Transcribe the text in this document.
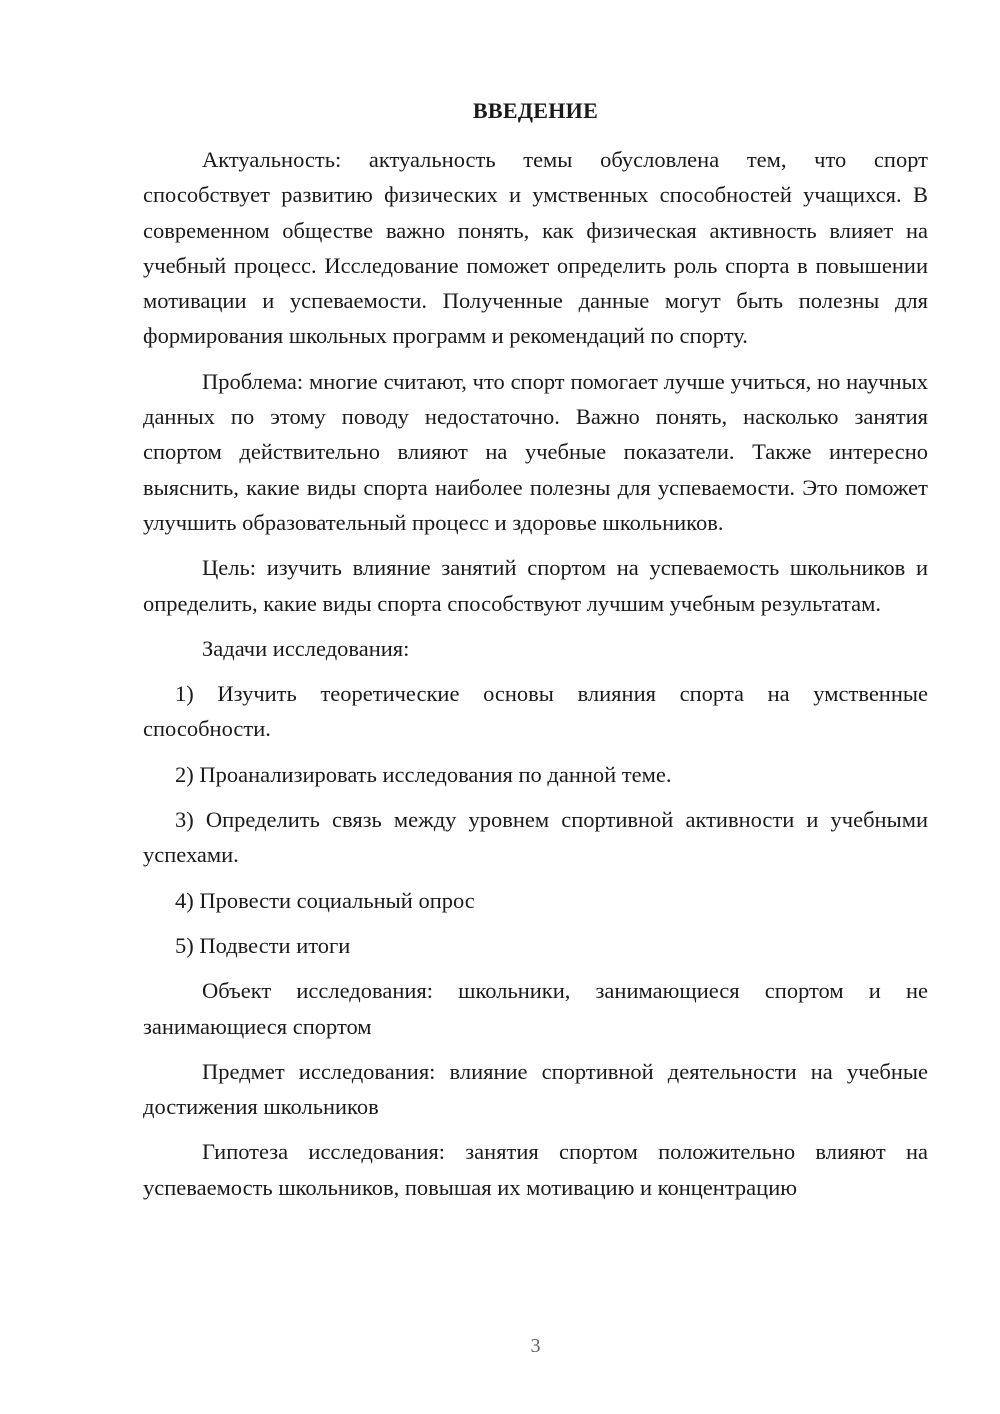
ВВЕДЕНИЕ

Актуальность: актуальность темы обусловлена тем, что спорт способствует развитию физических и умственных способностей учащихся. В современном обществе важно понять, как физическая активность влияет на учебный процесс. Исследование поможет определить роль спорта в повышении мотивации и успеваемости. Полученные данные могут быть полезны для формирования школьных программ и рекомендаций по спорту.

Проблема: многие считают, что спорт помогает лучше учиться, но научных данных по этому поводу недостаточно. Важно понять, насколько занятия спортом действительно влияют на учебные показатели. Также интересно выяснить, какие виды спорта наиболее полезны для успеваемости. Это поможет улучшить образовательный процесс и здоровье школьников.

Цель: изучить влияние занятий спортом на успеваемость школьников и определить, какие виды спорта способствуют лучшим учебным результатам.

Задачи исследования:

1) Изучить теоретические основы влияния спорта на умственные способности.

2) Проанализировать исследования по данной теме.

3) Определить связь между уровнем спортивной активности и учебными успехами.

4) Провести социальный опрос

5) Подвести итоги

Объект исследования: школьники, занимающиеся спортом и не занимающиеся спортом

Предмет исследования: влияние спортивной деятельности на учебные достижения школьников

Гипотеза исследования: занятия спортом положительно влияют на успеваемость школьников, повышая их мотивацию и концентрацию

3
